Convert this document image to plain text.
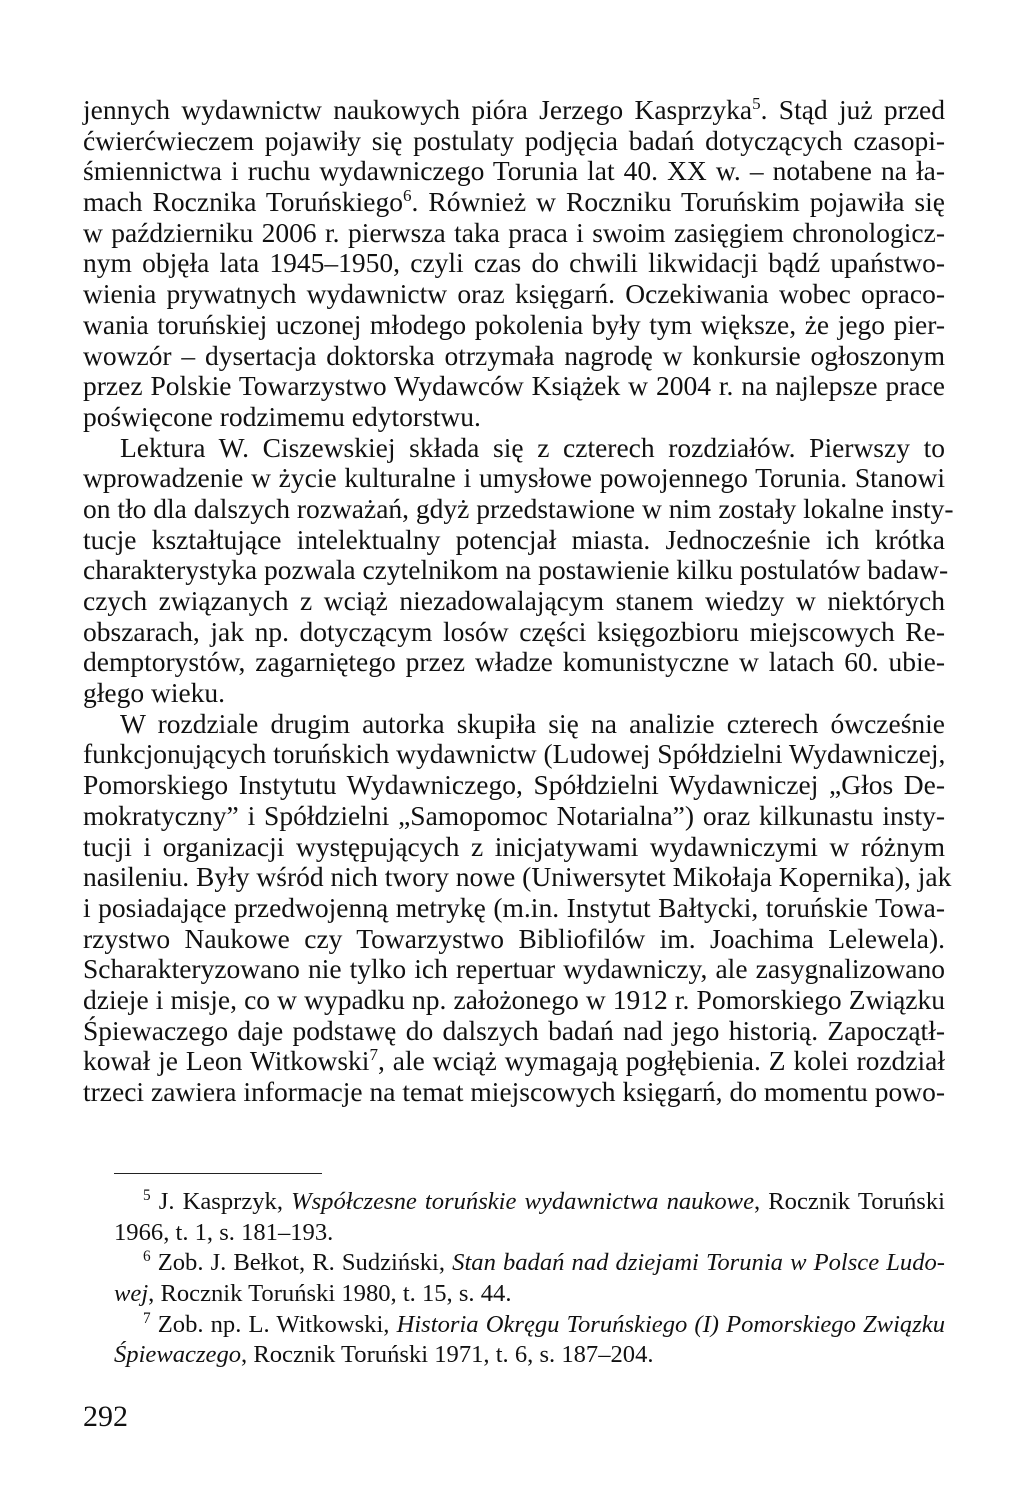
jennych wydawnictw naukowych pióra Jerzego Kasprzyka$^5$. Stąd już przed
ćwierćwieczem pojawiły się postulaty podjęcia badań dotyczących czasopi-
śmiennictwa i ruchu wydawniczego Torunia lat 40. XX w. – notabene na ła-
mach Rocznika Toruńskiego$^6$. Również w Roczniku Toruńskim pojawiła się
w październiku 2006 r. pierwsza taka praca i swoim zasięgiem chronologicz-
nym objęła lata 1945–1950, czyli czas do chwili likwidacji bądź upaństwo-
wienia prywatnych wydawnictw oraz księgarń. Oczekiwania wobec opraco-
wania toruńskiej uczonej młodego pokolenia były tym większe, że jego pier-
wowzór – dysertacja doktorska otrzymała nagrodę w konkursie ogłoszonym
przez Polskie Towarzystwo Wydawców Książek w 2004 r. na najlepsze prace
poświęcone rodzimemu edytorstwu.
Lektura W. Ciszewskiej składa się z czterech rozdziałów. Pierwszy to
wprowadzenie w życie kulturalne i umysłowe powojennego Torunia. Stanowi
on tło dla dalszych rozważań, gdyż przedstawione w nim zostały lokalne insty-
tucje kształtujące intelektualny potencjał miasta. Jednocześnie ich krótka
charakterystyka pozwala czytelnikom na postawienie kilku postulatów badaw-
czych związanych z wciąż niezadowalającym stanem wiedzy w niektórych
obszarach, jak np. dotyczącym losów części księgozbioru miejscowych Re-
demptorystów, zagarniętego przez władze komunistyczne w latach 60. ubie-
głego wieku.
W rozdziale drugim autorka skupiła się na analizie czterech ówcześnie
funkcjonujących toruńskich wydawnictw (Ludowej Spółdzielni Wydawniczej,
Pomorskiego Instytutu Wydawniczego, Spółdzielni Wydawniczej „Głos De-
mokratyczny” i Spółdzielni „Samopomoc Notarialna”) oraz kilkunastu insty-
tucji i organizacji występujących z inicjatywami wydawniczymi w różnym
nasileniu. Były wśród nich twory nowe (Uniwersytet Mikołaja Kopernika), jak
i posiadające przedwojenną metrykę (m.in. Instytut Bałtycki, toruńskie Towa-
rzystwo Naukowe czy Towarzystwo Bibliofilów im. Joachima Lelewela).
Scharakteryzowano nie tylko ich repertuar wydawniczy, ale zasygnalizowano
dzieje i misje, co w wypadku np. założonego w 1912 r. Pomorskiego Związku
Śpiewaczego daje podstawę do dalszych badań nad jego historią. Zapoczątł-
kował je Leon Witkowski$^7$, ale wciąż wymagają pogłębienia. Z kolei rozdział
trzeci zawiera informacje na temat miejscowych księgarń, do momentu powo-
$^5$ J. Kasprzyk, Współczesne toruńskie wydawnictwa naukowe, Rocznik Toruński
1966, t. 1, s. 181–193.
$^6$ Zob. J. Bełkot, R. Sudziński, Stan badań nad dziejami Torunia w Polsce Ludo-
wej, Rocznik Toruński 1980, t. 15, s. 44.
$^7$ Zob. np. L. Witkowski, Historia Okręgu Toruńskiego (I) Pomorskiego Związku
Śpiewaczego, Rocznik Toruński 1971, t. 6, s. 187–204.
292
